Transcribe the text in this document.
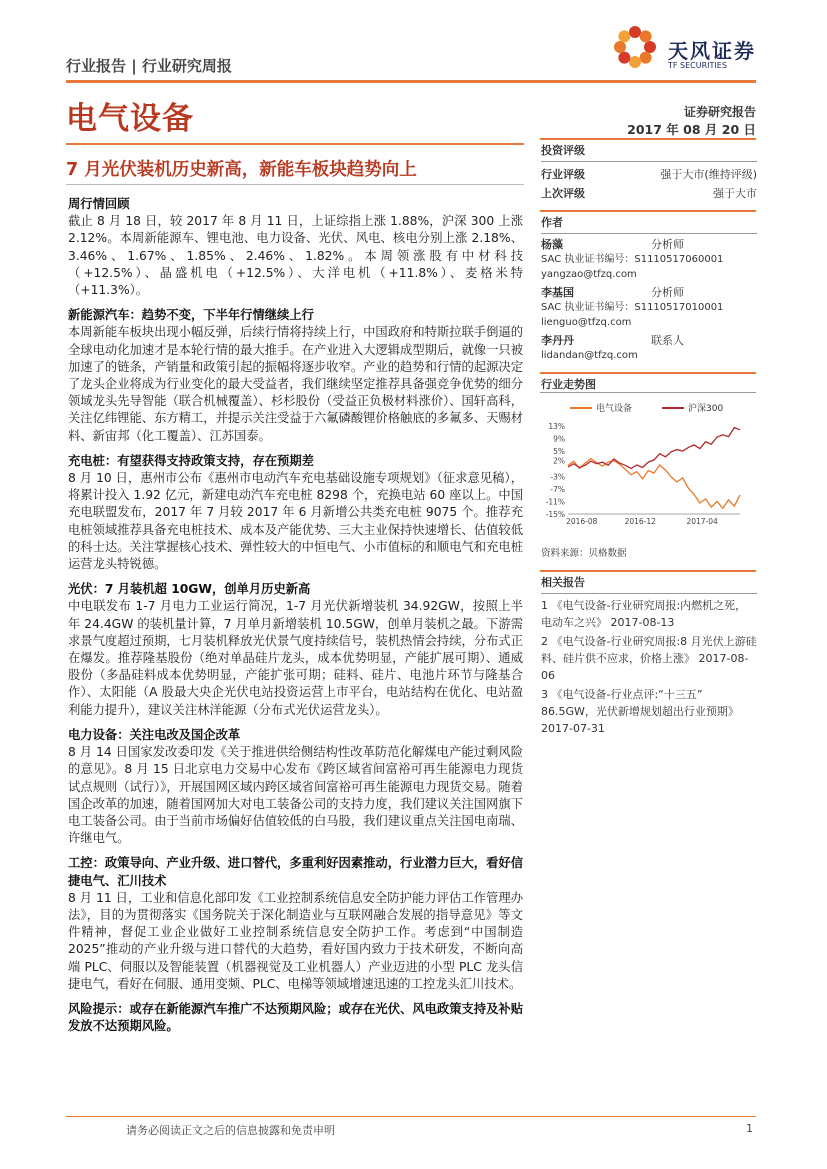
天风证券
TF SECURITIES
行业报告 | 行业研究周报
电气设备	证券研究报告
2017 年 08 月 20 日
7 月光伏装机历史新高，新能车板块趋势向上
周行情回顾

截止 8 月 18 日，较 2017 年 8 月 11 日，上证综指上涨 1.88%，沪深 300 上涨 2.12%。本周新能源车、锂电池、电力设备、光伏、风电、核电分别上涨 2.18%、3.46%、1.67%、1.85%、2.46%、1.82%。本周领涨股有中材科技（+12.5%）、晶盛机电（+12.5%）、大洋电机（+11.8%）、麦格米特（+11.3%）。

新能源汽车：趋势不变，下半年行情继续上行

本周新能车板块出现小幅反弹，后续行情将持续上行，中国政府和特斯拉联手倒逼的全球电动化加速才是本轮行情的最大推手。在产业进入大逻辑成型期后，就像一只被加速了的链条，产销量和政策引起的振幅将逐步收窄。产业的趋势和行情的起源决定了龙头企业将成为行业变化的最大受益者，我们继续坚定推荐具备强竞争优势的细分领域龙头先导智能（联合机械覆盖）、杉杉股份（受益正负极材料涨价）、国轩高科，关注亿纬锂能、东方精工，并提示关注受益于六氟磷酸锂价格触底的多氟多、天赐材料、新宙邦（化工覆盖）、江苏国泰。

充电桩：有望获得支持政策支持，存在预期差

8 月 10 日，惠州市公布《惠州市电动汽车充电基础设施专项规划》（征求意见稿），将累计投入 1.92 亿元，新建电动汽车充电桩 8298 个，充换电站 60 座以上。中国充电联盟发布，2017 年 7 月较 2017 年 6 月新增公共类充电桩 9075 个。推荐充电桩领域推荐具备充电桩技术、成本及产能优势、三大主业保持快速增长、估值较低的科士达。关注掌握核心技术、弹性较大的中恒电气、小市值标的和顺电气和充电桩运营龙头特锐德。

光伏：7 月装机超 10GW，创单月历史新高

中电联发布 1-7 月电力工业运行简况，1-7 月光伏新增装机 34.92GW，按照上半年 24.4GW 的装机量计算，7 月单月新增装机 10.5GW，创单月装机之最。下游需求景气度超过预期，七月装机释放光伏景气度持续信号，装机热情会持续，分布式正在爆发。推荐隆基股份（绝对单晶硅片龙头，成本优势明显，产能扩展可期）、通威股份（多晶硅料成本优势明显，产能扩张可期；硅料、硅片、电池片环节与隆基合作）、太阳能（A 股最大央企光伏电站投资运营上市平台，电站结构在优化、电站盈利能力提升），建议关注林洋能源（分布式光伏运营龙头）。

电力设备：关注电改及国企改革

8 月 14 日国家发改委印发《关于推进供给侧结构性改革防范化解煤电产能过剩风险的意见》。8 月 15 日北京电力交易中心发布《跨区域省间富裕可再生能源电力现货试点规则（试行）》，开展国网区域内跨区域省间富裕可再生能源电力现货交易。随着国企改革的加速，随着国网加大对电工装备公司的支持力度，我们建议关注国网旗下电工装备公司。由于当前市场偏好估值较低的白马股，我们建议重点关注国电南瑞、许继电气。

工控：政策导向、产业升级、进口替代，多重利好因素推动，行业潜力巨大，看好信捷电气、汇川技术

8 月 11 日，工业和信息化部印发《工业控制系统信息安全防护能力评估工作管理办法》，目的为贯彻落实《国务院关于深化制造业与互联网融合发展的指导意见》等文件精神，督促工业企业做好工业控制系统信息安全防护工作。考虑到“中国制造 2025”推动的产业升级与进口替代的大趋势，看好国内致力于技术研发，不断向高端 PLC、伺服以及智能装置（机器视觉及工业机器人）产业迈进的小型 PLC 龙头信捷电气，看好在伺服、通用变频、PLC、电梯等领域增速迅速的工控龙头汇川技术。

风险提示：或存在新能源汽车推广不达预期风险；或存在光伏、风电政策支持及补贴发放不达预期风险。
投资评级
行业评级	强于大市(维持评级)
上次评级	强于大市
作者
杨藻	分析师
SAC 执业证书编号：S1110517060001
yangzao@tfzq.com
李基国	分析师
SAC 执业证书编号：S1110517010001
lienguo@tfzq.com
李丹丹	联系人
lidandan@tfzq.com
行业走势图
电气设备	沪深300
13%
9%
5%
2%
-3%
-7%
-11%
-15%
2016-08	2016-12	2017-04
资料来源：贝格数据
相关报告
1 《电气设备-行业研究周报:内燃机之死，电动车之兴》 2017-08-13
2 《电气设备-行业研究周报:8 月光伏上游硅料、硅片供不应求，价格上涨》 2017-08-06
3 《电气设备-行业点评:“十三五” 86.5GW，光伏新增规划超出行业预期》 2017-07-31
请务必阅读正文之后的信息披露和免责申明	1
